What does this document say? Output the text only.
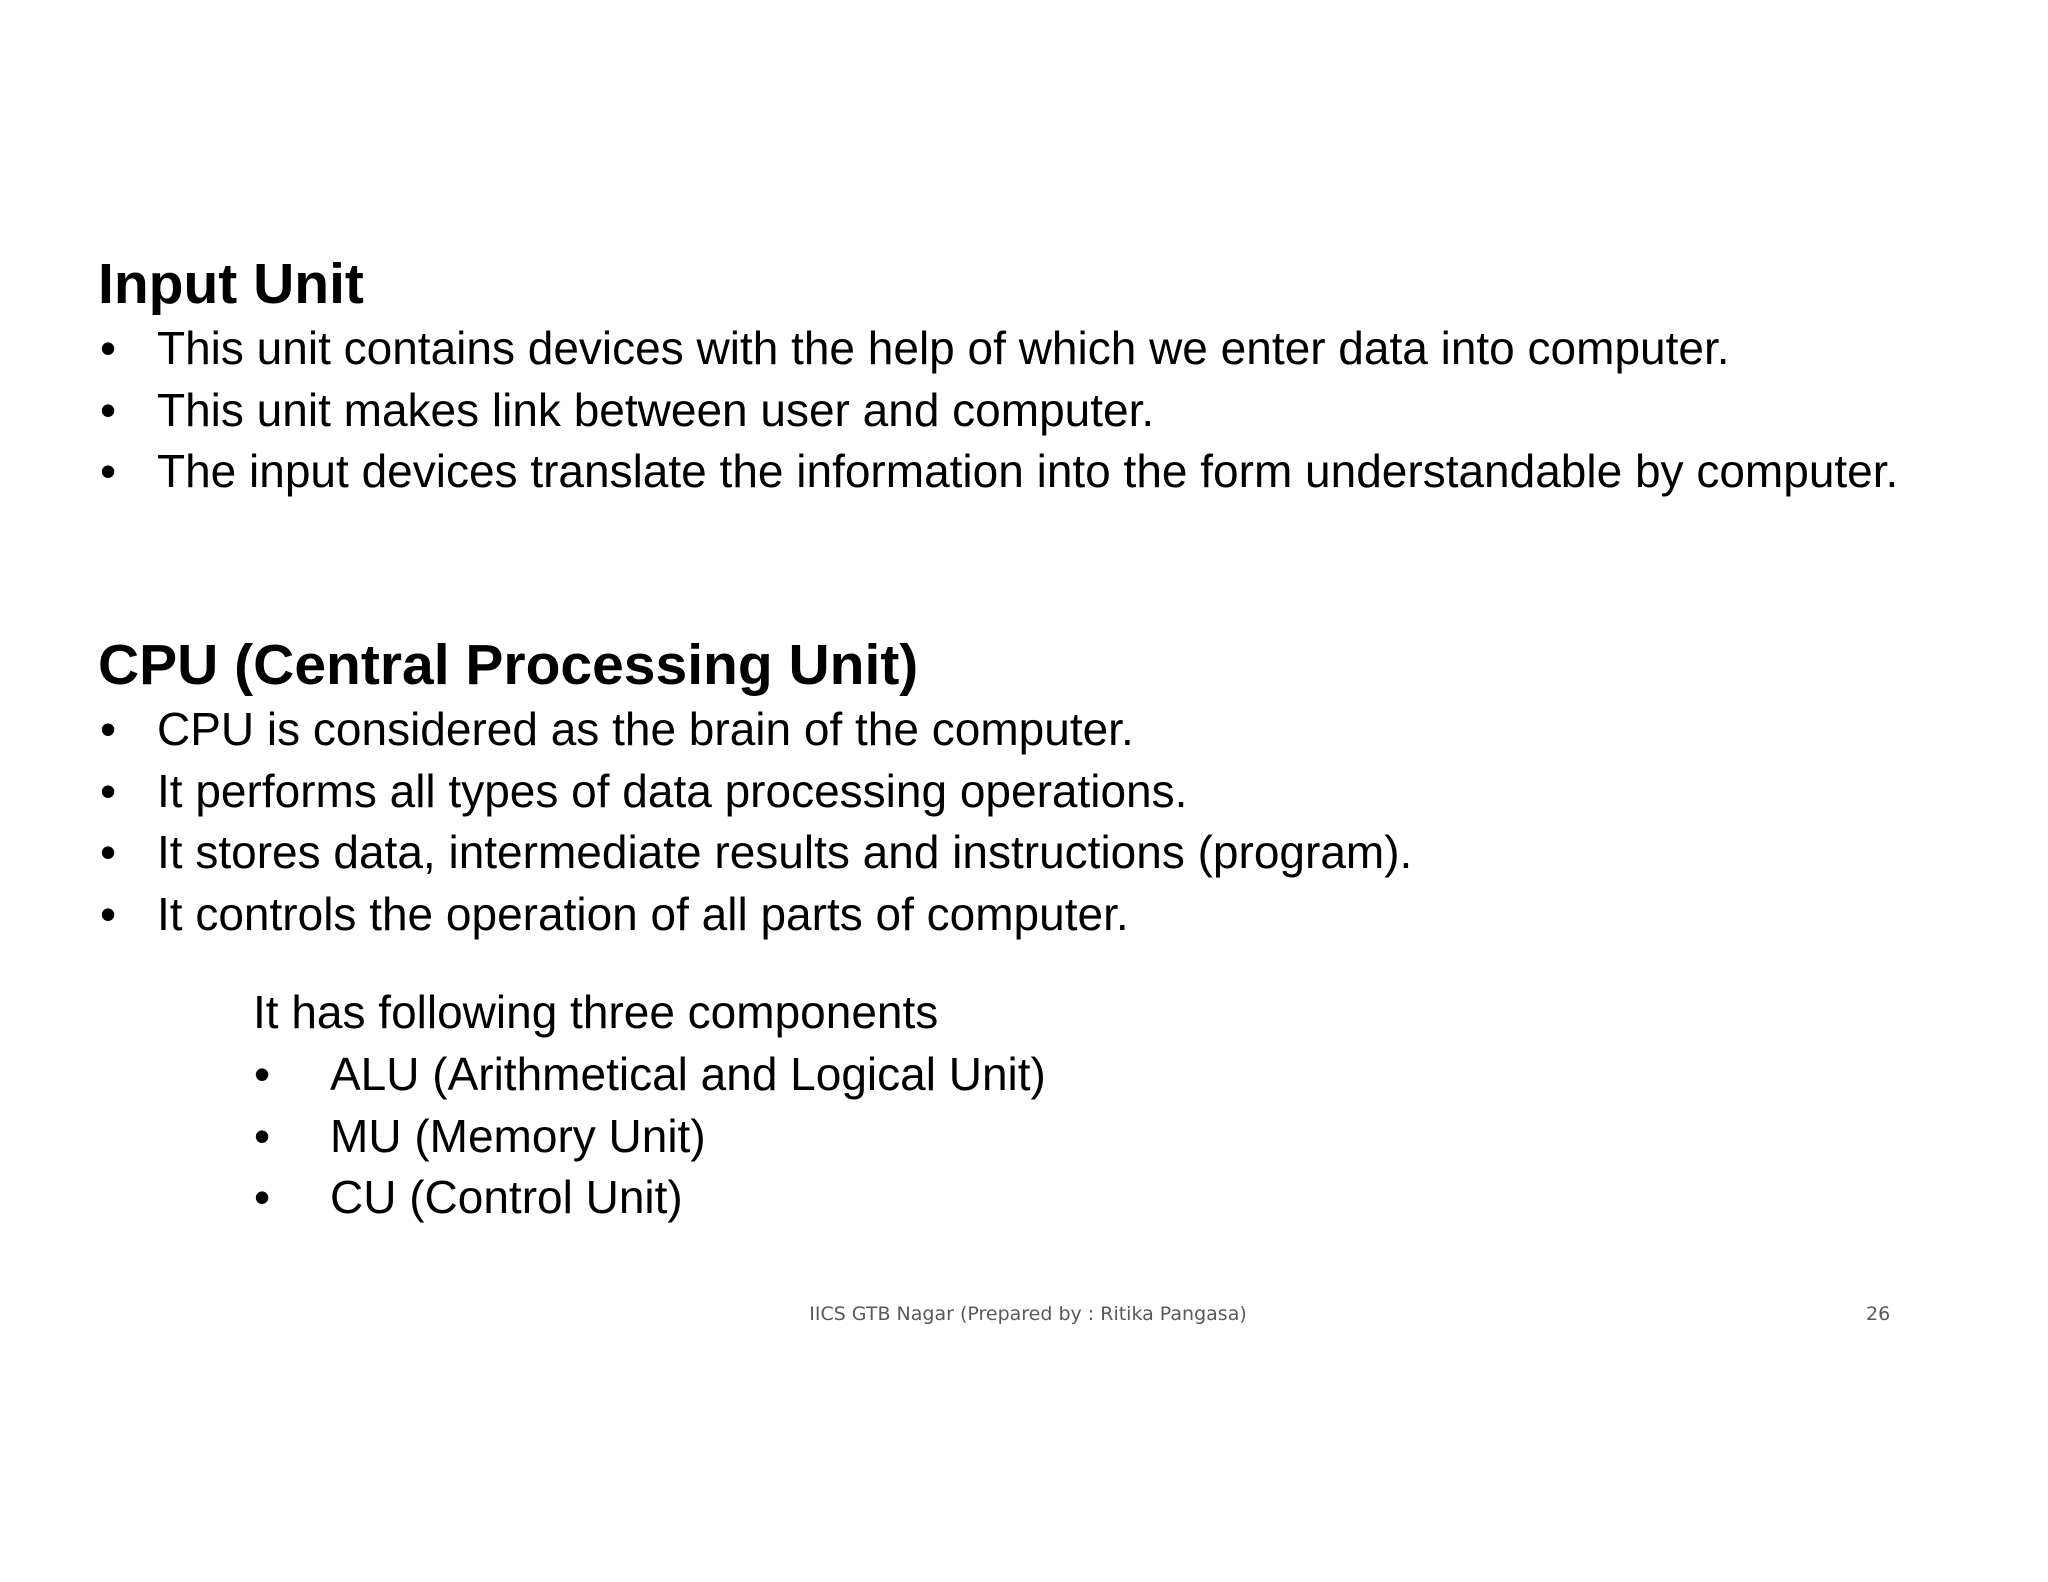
Input Unit
• This unit contains devices with the help of which we enter data into computer.
• This unit makes link between user and computer.
• The input devices translate the information into the form understandable by computer.
CPU (Central Processing Unit)
• CPU is considered as the brain of the computer.
• It performs all types of data processing operations.
• It stores data, intermediate results and instructions (program).
• It controls the operation of all parts of computer.

It has following three components

• ALU (Arithmetical and Logical Unit)
• MU (Memory Unit)
• CU (Control Unit)
IICS GTB Nagar (Prepared by : Ritika Pangasa)	26
